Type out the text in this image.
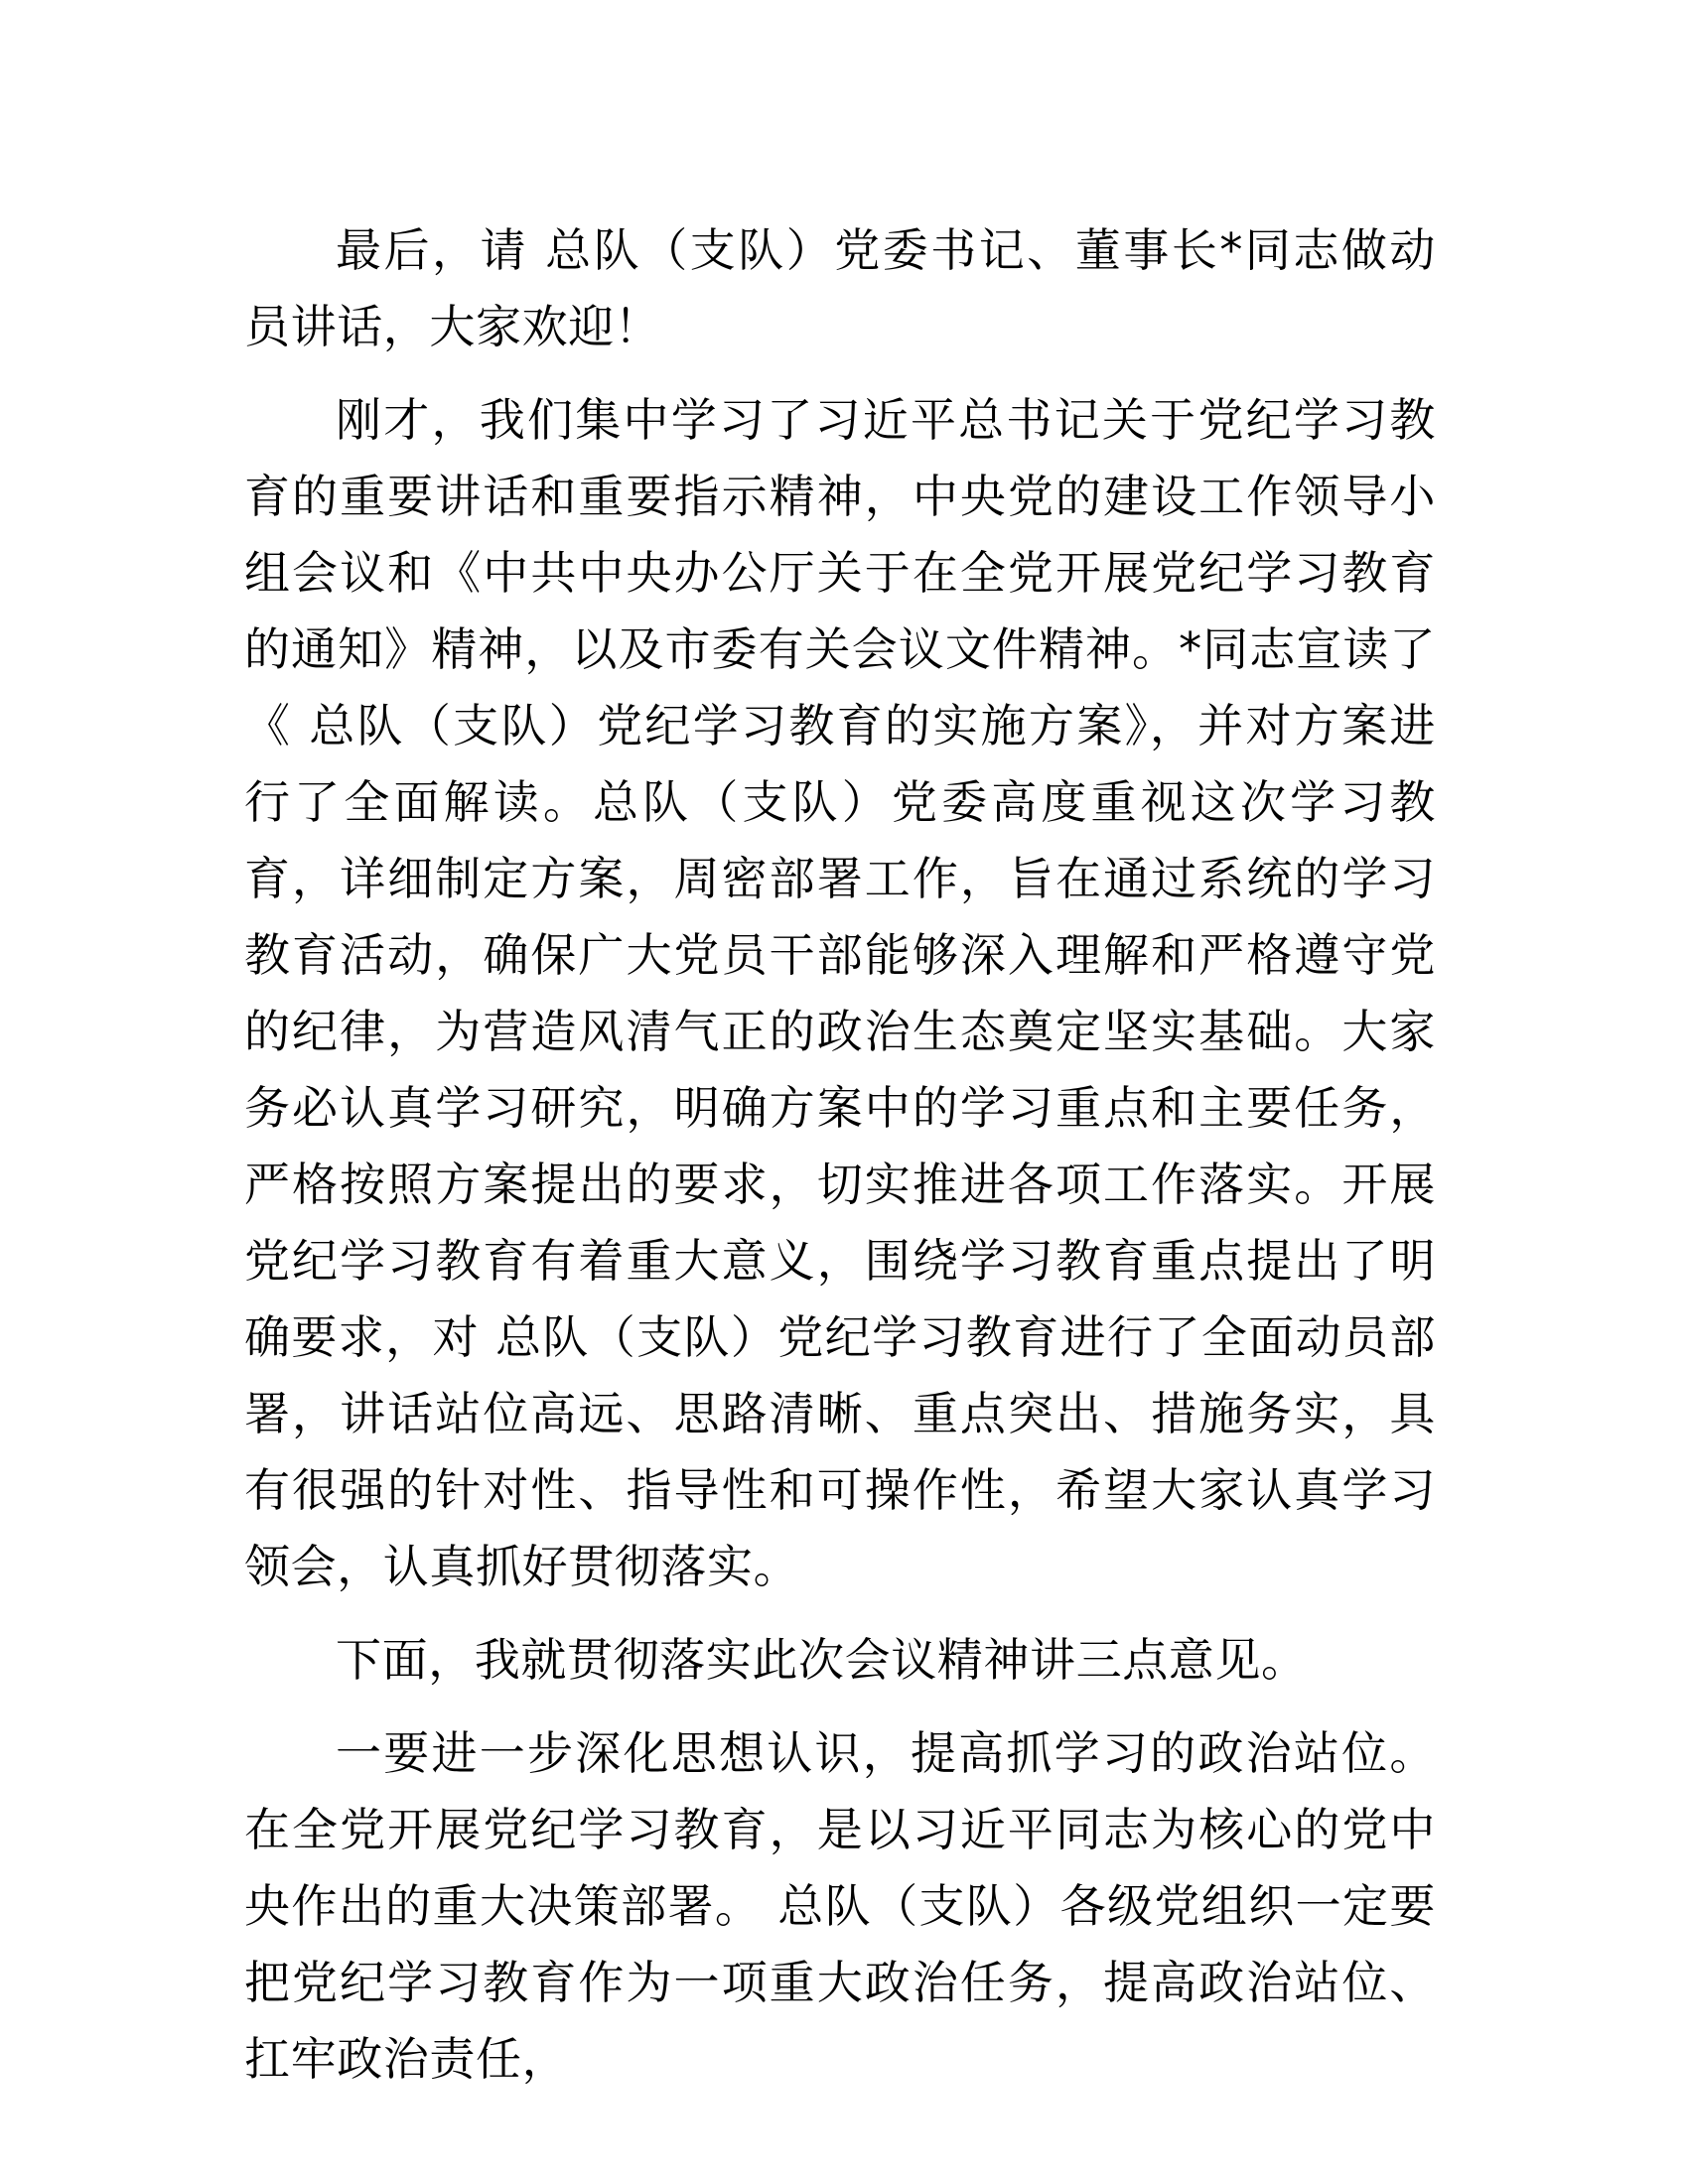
最后，请 总队（支队）党委书记、董事长*同志做动员讲话，大家欢迎！

刚才，我们集中学习了习近平总书记关于党纪学习教育的重要讲话和重要指示精神，中央党的建设工作领导小组会议和《中共中央办公厅关于在全党开展党纪学习教育的通知》精神，以及市委有关会议文件精神。*同志宣读了《 总队（支队）党纪学习教育的实施方案》，并对方案进行了全面解读。总队（支队）党委高度重视这次学习教育，详细制定方案，周密部署工作，旨在通过系统的学习教育活动，确保广大党员干部能够深入理解和严格遵守党的纪律，为营造风清气正的政治生态奠定坚实基础。大家务必认真学习研究，明确方案中的学习重点和主要任务，严格按照方案提出的要求，切实推进各项工作落实。开展党纪学习教育有着重大意义，围绕学习教育重点提出了明确要求，对 总队（支队）党纪学习教育进行了全面动员部署，讲话站位高远、思路清晰、重点突出、措施务实，具有很强的针对性、指导性和可操作性，希望大家认真学习领会，认真抓好贯彻落实。

下面，我就贯彻落实此次会议精神讲三点意见。

一要进一步深化思想认识，提高抓学习的政治站位。在全党开展党纪学习教育，是以习近平同志为核心的党中央作出的重大决策部署。 总队（支队）各级党组织一定要把党纪学习教育作为一项重大政治任务，提高政治站位、扛牢政治责任，
